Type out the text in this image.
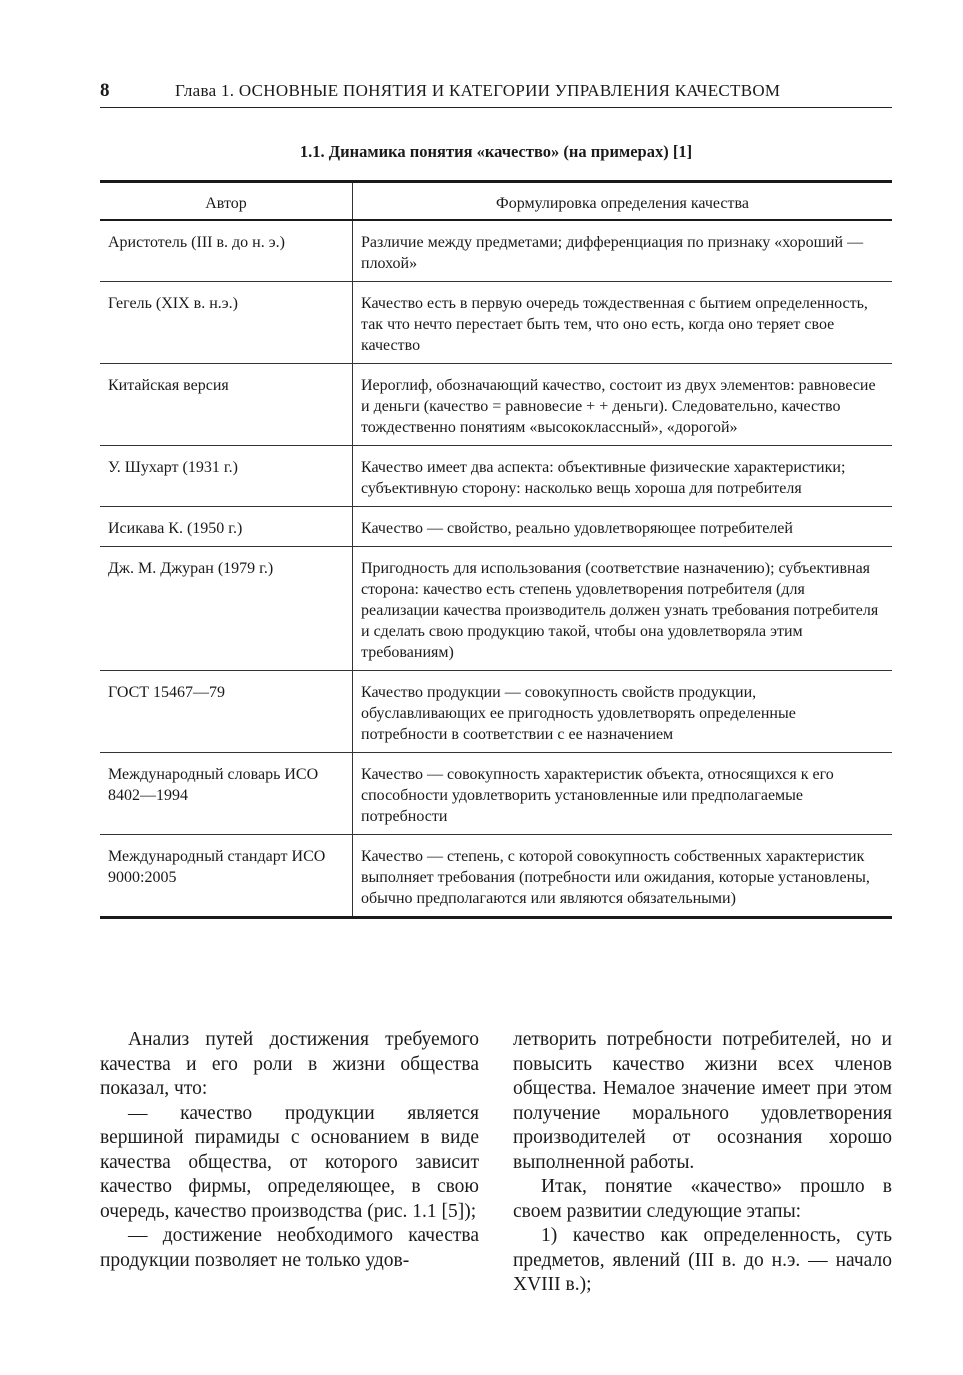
8	Глава 1. ОСНОВНЫЕ ПОНЯТИЯ И КАТЕГОРИИ УПРАВЛЕНИЯ КАЧЕСТВОМ
1.1. Динамика понятия «качество» (на примерах) [1]
Автор	Формулировка определения качества
Аристотель (III в. до н. э.)	Различие между предметами; дифференциация по признаку «хороший — плохой»
Гегель (XIX в. н.э.)	Качество есть в первую очередь тождественная с бытием определенность, так что нечто перестает быть тем, что оно есть, когда оно теряет свое качество
Китайская версия	Иероглиф, обозначающий качество, состоит из двух элементов: равновесие и деньги (качество = равновесие + + деньги). Следовательно, качество тождественно понятиям «высококлассный», «дорогой»
У. Шухарт (1931 г.)	Качество имеет два аспекта: объективные физические характеристики; субъективную сторону: насколько вещь хороша для потребителя
Исикава К. (1950 г.)	Качество — свойство, реально удовлетворяющее потребителей
Дж. М. Джуран (1979 г.)	Пригодность для использования (соответствие назначению); субъективная сторона: качество есть степень удовлетворения потребителя (для реализации качества производитель должен узнать требования потребителя и сделать свою продукцию такой, чтобы она удовлетворяла этим требованиям)
ГОСТ 15467—79	Качество продукции — совокупность свойств продукции, обуславливающих ее пригодность удовлетворять определенные потребности в соответствии с ее назначением
Международный словарь ИСО 8402—1994	Качество — совокупность характеристик объекта, относящихся к его способности удовлетворить установленные или предполагаемые потребности
Международный стандарт ИСО 9000:2005	Качество — степень, с которой совокупность собственных характеристик выполняет требования (потребности или ожидания, которые установлены, обычно предполагаются или являются обязательными)

Анализ путей достижения требуемого качества и его роли в жизни общества показал, что:

— качество продукции является вершиной пирамиды с основанием в виде качества общества, от которого зависит качество фирмы, определяющее, в свою очередь, качество производства (рис. 1.1 [5]);

— достижение необходимого качества продукции позволяет не только удов-

летворить потребности потребителей, но и повысить качество жизни всех членов общества. Немалое значение имеет при этом получение морального удовлетворения производителей от осознания хорошо выполненной работы.

Итак, понятие «качество» прошло в своем развитии следующие этапы:

1) качество как определенность, суть предметов, явлений (III в. до н.э. — начало XVIII в.);
